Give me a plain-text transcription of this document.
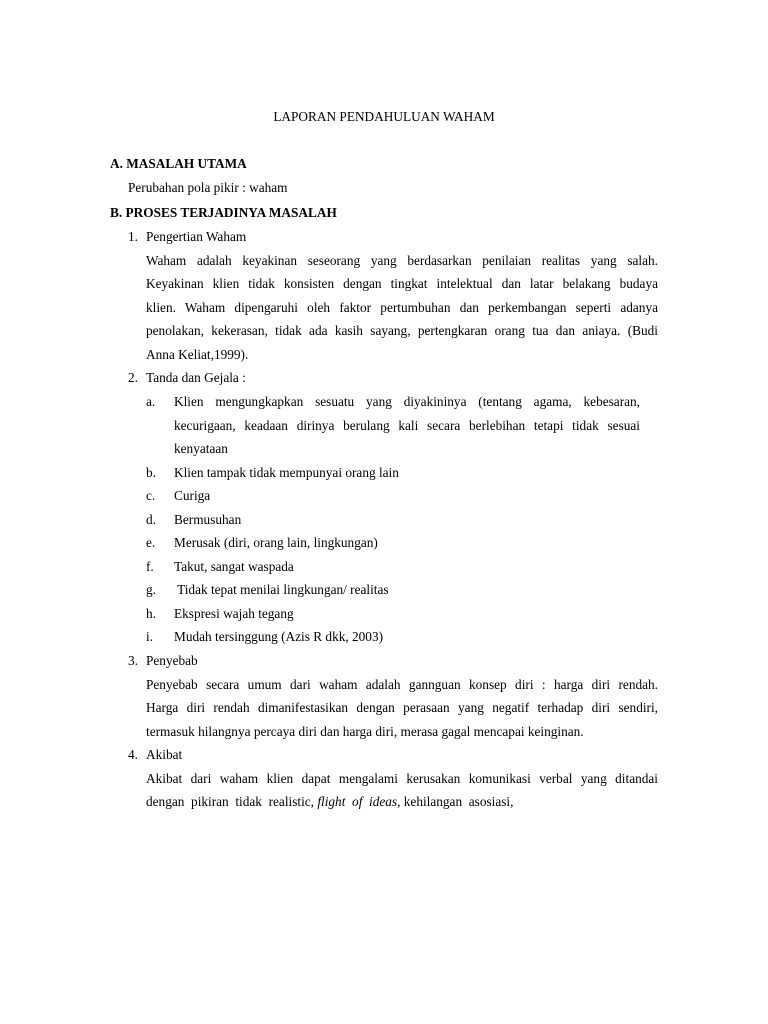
LAPORAN PENDAHULUAN WAHAM
A. MASALAH UTAMA
Perubahan pola pikir : waham
B. PROSES TERJADINYA MASALAH
1. Pengertian Waham
Waham adalah keyakinan seseorang yang berdasarkan penilaian realitas yang salah.
Keyakinan klien tidak konsisten dengan tingkat intelektual dan latar belakang budaya
klien. Waham dipengaruhi oleh faktor pertumbuhan dan perkembangan seperti adanya
penolakan, kekerasan, tidak ada kasih sayang, pertengkaran orang tua dan aniaya. (Budi
Anna Keliat,1999).
2. Tanda dan Gejala :
a.	Klien mengungkapkan sesuatu yang diyakininya (tentang agama, kebesaran,
kecurigaan, keadaan dirinya berulang kali secara berlebihan tetapi tidak sesuai
kenyataan
b.	Klien tampak tidak mempunyai orang lain
c.	Curiga
d.	Bermusuhan
e.	Merusak (diri, orang lain, lingkungan)
f.	Takut, sangat waspada
g.	Tidak tepat menilai lingkungan/ realitas
h.	Ekspresi wajah tegang
i.	Mudah tersinggung (Azis R dkk, 2003)
3. Penyebab
Penyebab secara umum dari waham adalah gannguan konsep diri : harga diri rendah.
Harga diri rendah dimanifestasikan dengan perasaan yang negatif terhadap diri sendiri,
termasuk hilangnya percaya diri dan harga diri, merasa gagal mencapai keinginan.
4. Akibat
Akibat dari waham klien dapat mengalami kerusakan komunikasi verbal yang ditandai
dengan  pikiran  tidak  realistic, flight  of  ideas, kehilangan  asosiasi,
